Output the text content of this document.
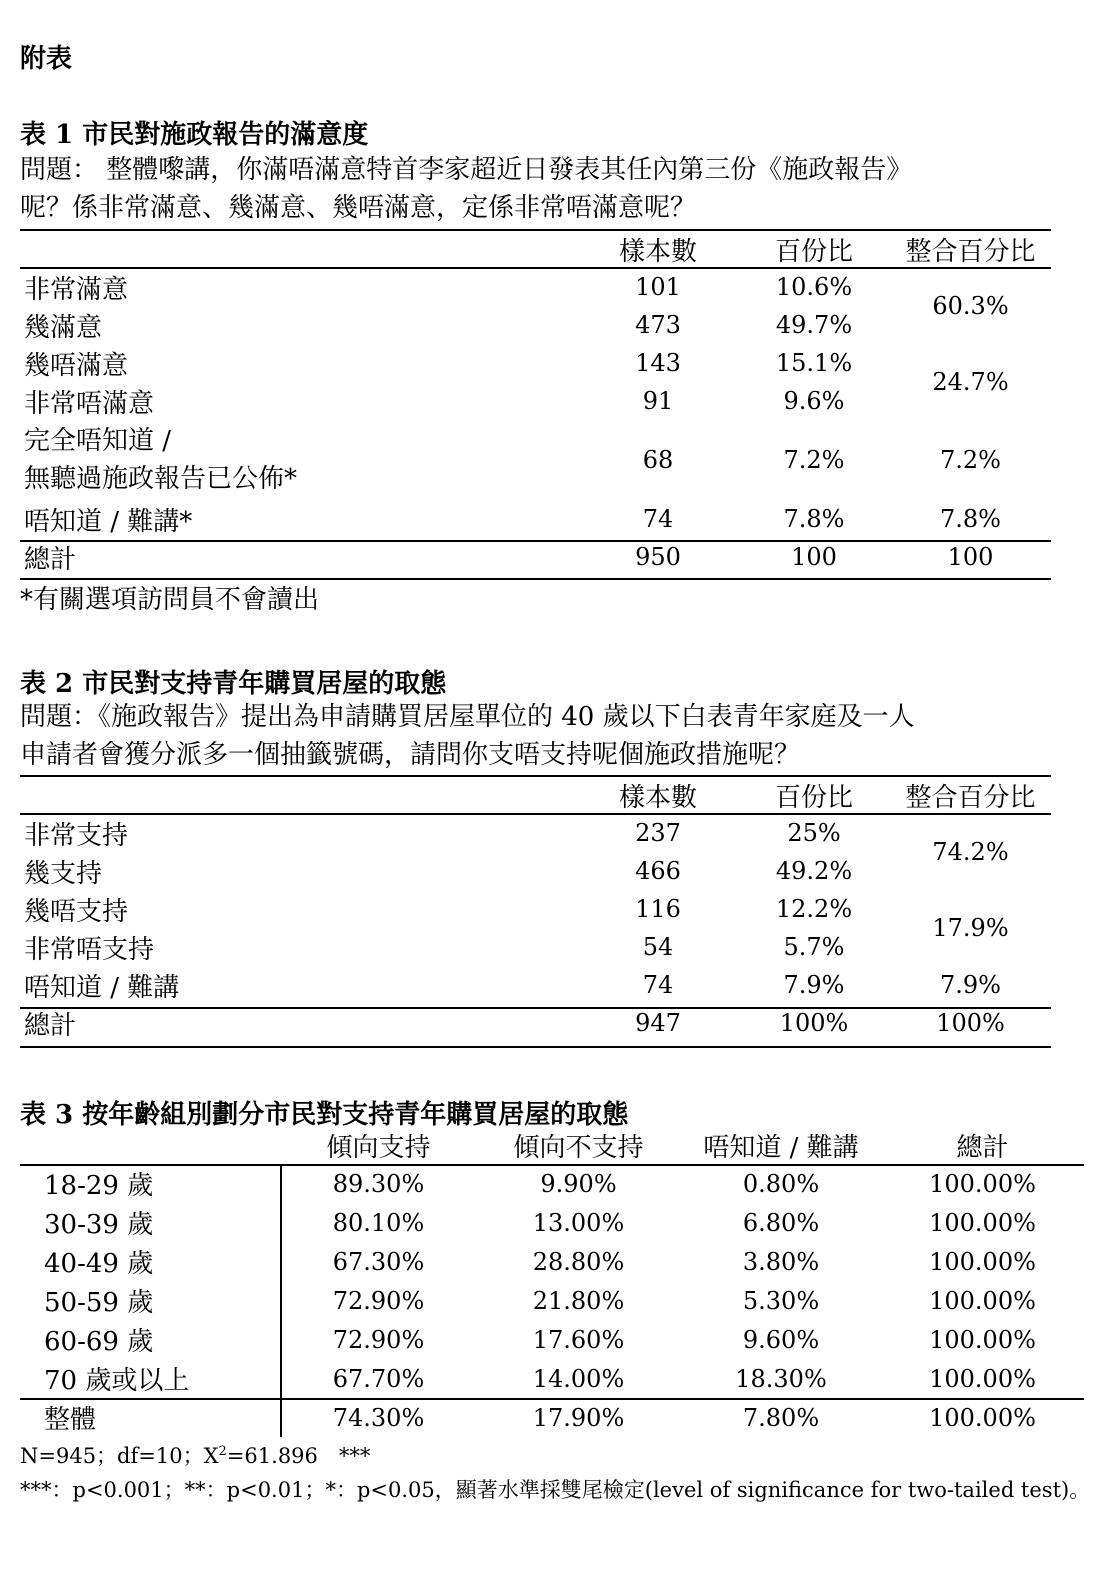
附表
表 1 市民對施政報告的滿意度
問題： 整體嚟講，你滿唔滿意特首李家超近日發表其任內第三份《施政報告》
呢？係非常滿意、幾滿意、幾唔滿意，定係非常唔滿意呢？
	樣本數	百份比	整合百分比
非常滿意	101	10.6%	60.3%
幾滿意	473	49.7%	
幾唔滿意	143	15.1%	24.7%
非常唔滿意	91	9.6%	

完全唔知道 /
無聽過施政報告已公佈*	68	7.2%	7.2%
唔知道 / 難講*	74	7.8%	7.8%
總計	950	100	100
*有關選項訪問員不會讀出
表 2 市民對支持青年購買居屋的取態
問題：《施政報告》提出為申請購買居屋單位的 40 歲以下白表青年家庭及一人
申請者會獲分派多一個抽籤號碼，請問你支唔支持呢個施政措施呢？
	樣本數	百份比	整合百分比
非常支持	237	25%	74.2%
幾支持	466	49.2%	
幾唔支持	116	12.2%	17.9%
非常唔支持	54	5.7%	
唔知道 / 難講	74	7.9%	7.9%
總計	947	100%	100%
表 3 按年齡組別劃分市民對支持青年購買居屋的取態
	傾向支持	傾向不支持	唔知道 / 難講	總計
18-29 歲	89.30%	9.90%	0.80%	100.00%
30-39 歲	80.10%	13.00%	6.80%	100.00%
40-49 歲	67.30%	28.80%	3.80%	100.00%
50-59 歲	72.90%	21.80%	5.30%	100.00%
60-69 歲	72.90%	17.60%	9.60%	100.00%
70 歲或以上	67.70%	14.00%	18.30%	100.00%
整體	74.30%	17.90%	7.80%	100.00%
N=945；df=10；$X^2=61.896$　***
***：p<0.001；**：p<0.01；*：p<0.05，顯著水準採雙尾檢定(level of significance for two-tailed test)。
